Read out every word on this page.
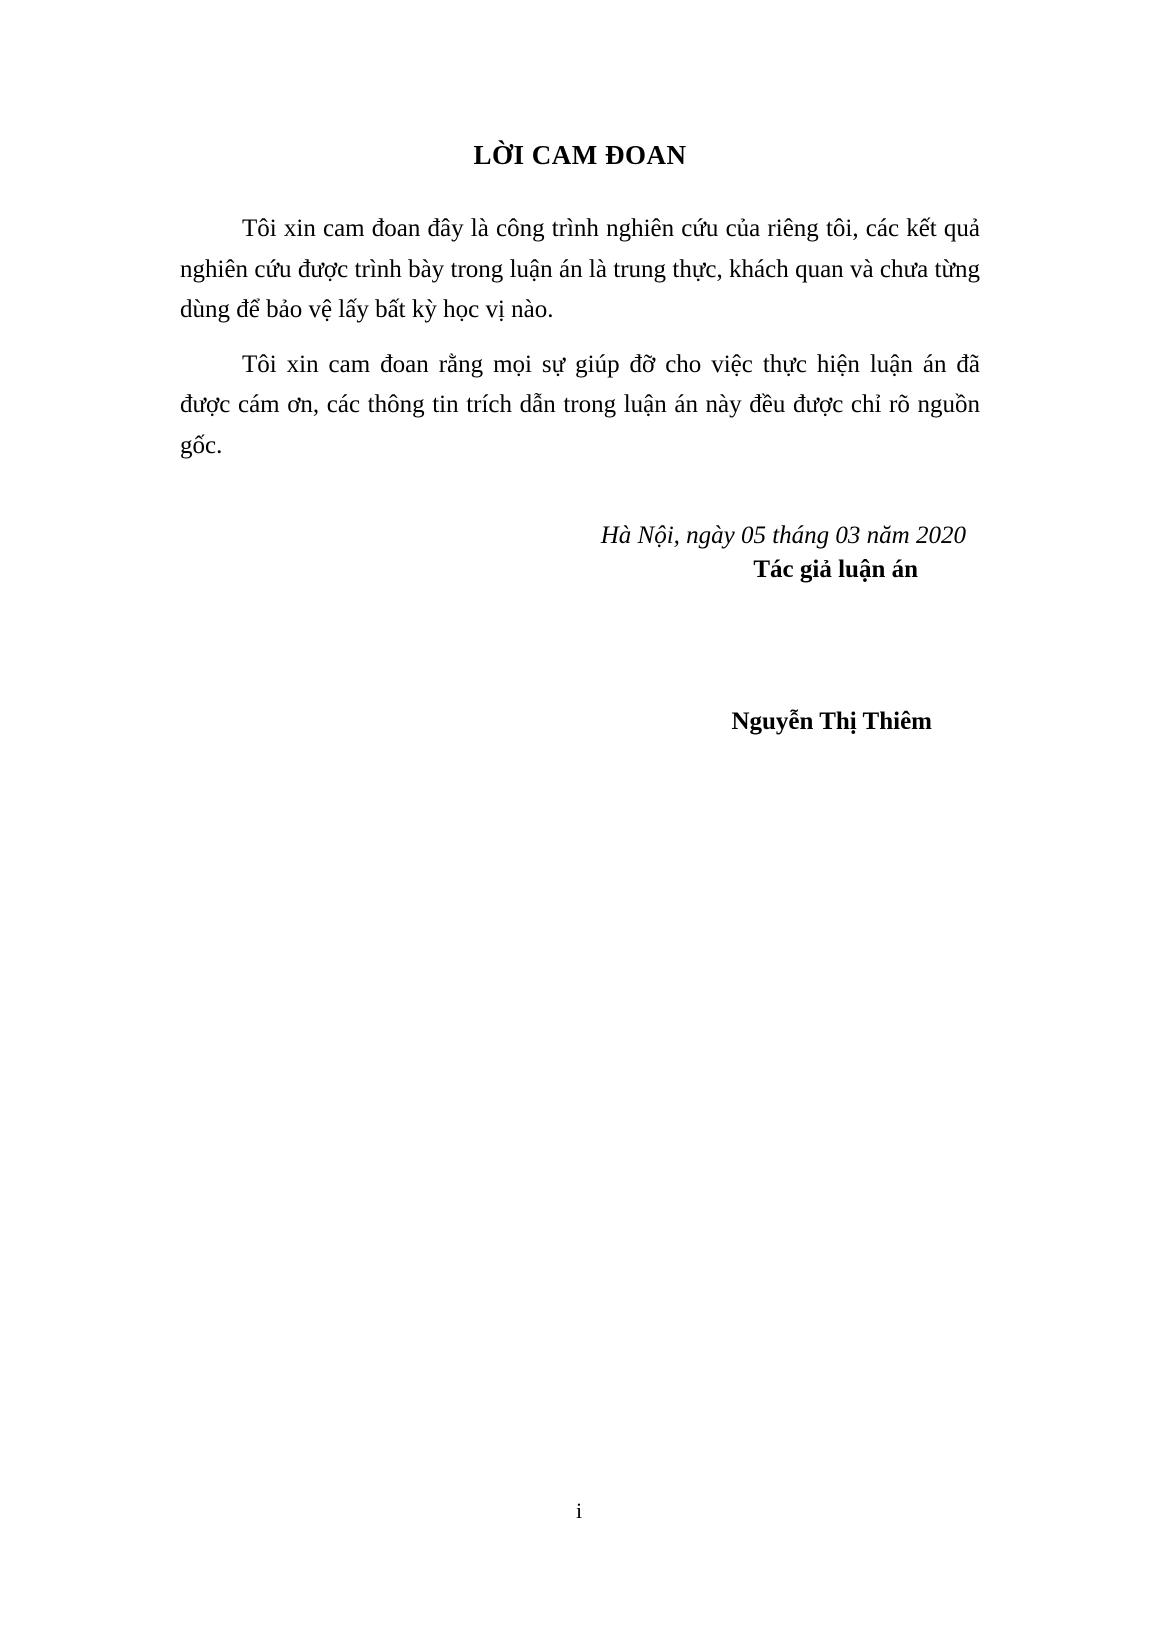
LỜI CAM ĐOAN

Tôi xin cam đoan đây là công trình nghiên cứu của riêng tôi, các kết quả nghiên cứu được trình bày trong luận án là trung thực, khách quan và chưa từng dùng để bảo vệ lấy bất kỳ học vị nào.

Tôi xin cam đoan rằng mọi sự giúp đỡ cho việc thực hiện luận án đã được cám ơn, các thông tin trích dẫn trong luận án này đều được chỉ rõ nguồn gốc.

Hà Nội, ngày 05 tháng 03 năm 2020

Tác giả luận án

Nguyễn Thị Thiêm

i
